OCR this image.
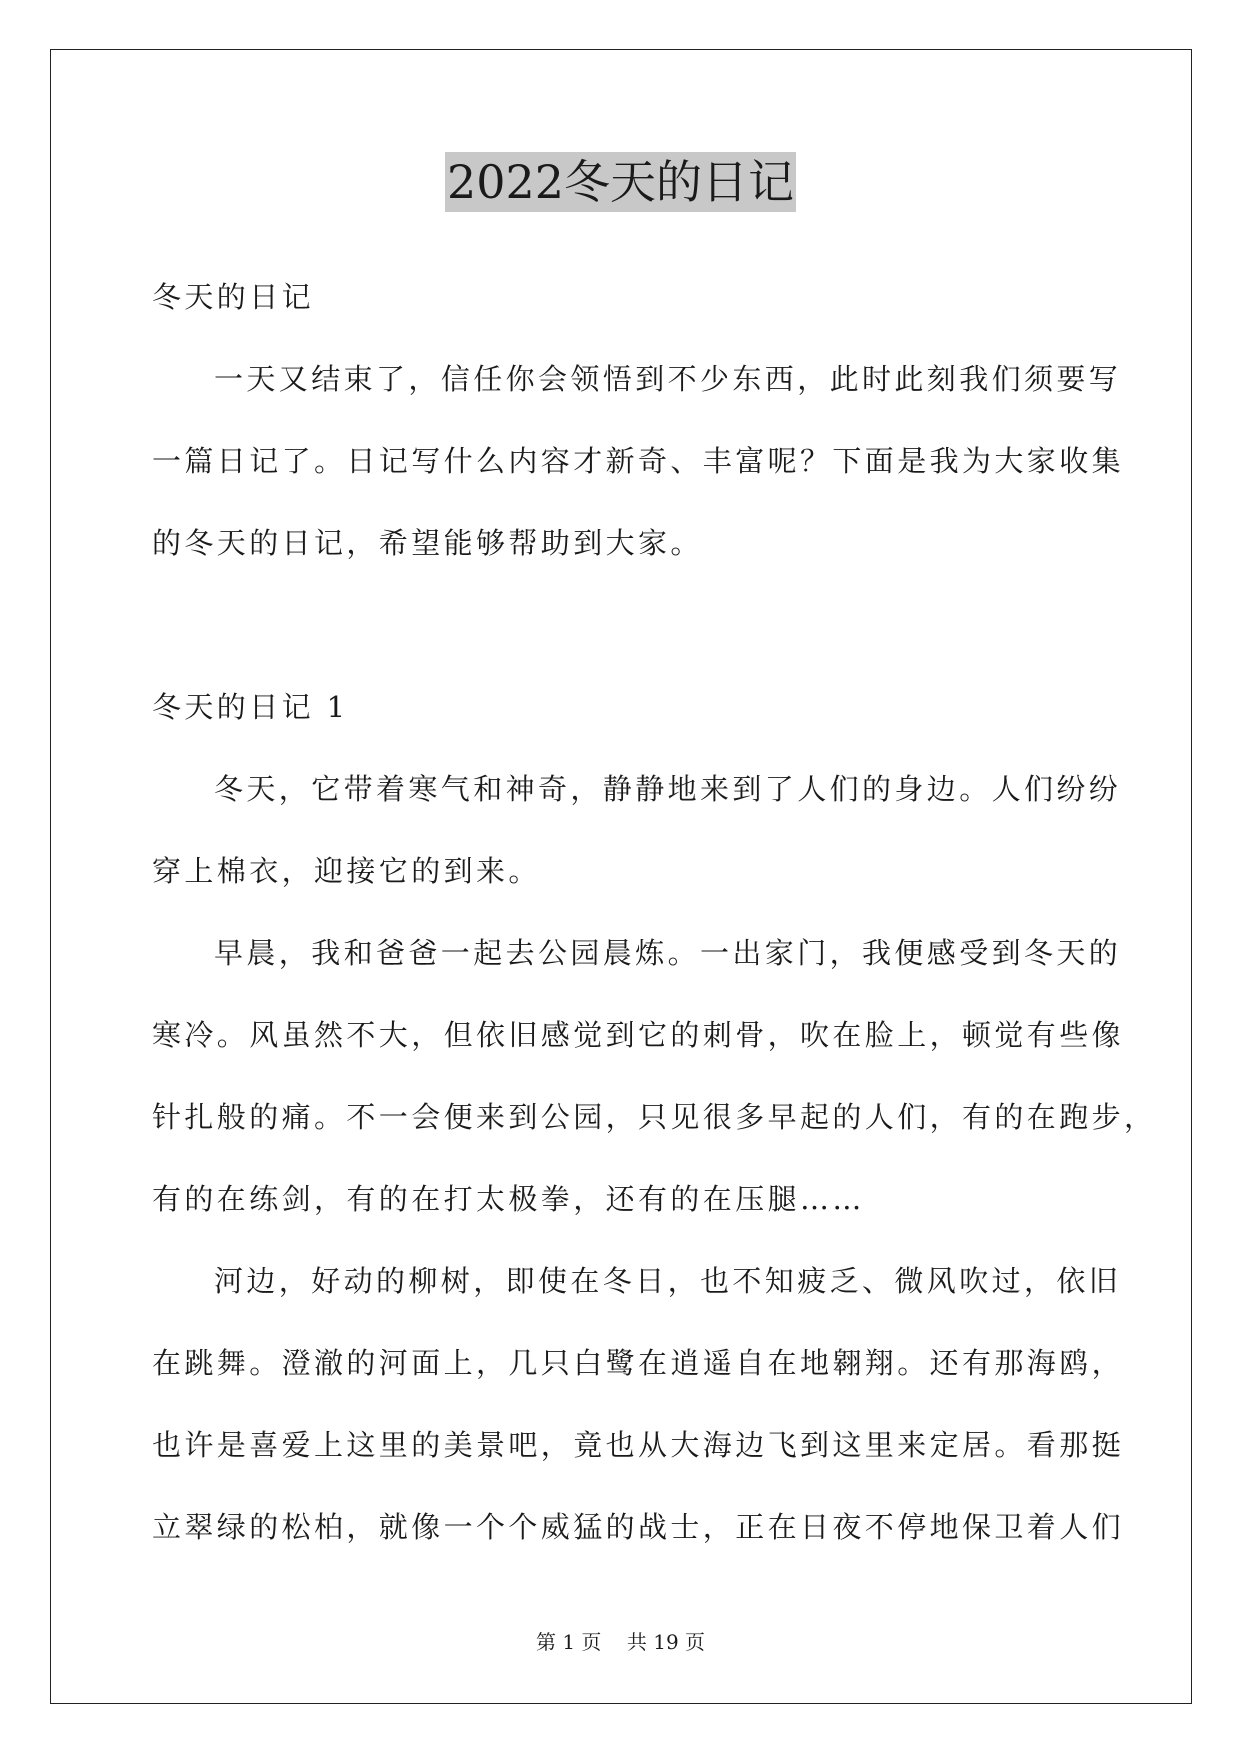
2022冬天的日记
冬天的日记
一天又结束了，信任你会领悟到不少东西，此时此刻我们须要写
一篇日记了。日记写什么内容才新奇、丰富呢？下面是我为大家收集
的冬天的日记，希望能够帮助到大家。
冬天的日记 1
冬天，它带着寒气和神奇，静静地来到了人们的身边。人们纷纷
穿上棉衣，迎接它的到来。
早晨，我和爸爸一起去公园晨炼。一出家门，我便感受到冬天的
寒冷。风虽然不大，但依旧感觉到它的刺骨，吹在脸上，顿觉有些像
针扎般的痛。不一会便来到公园，只见很多早起的人们，有的在跑步，
有的在练剑，有的在打太极拳，还有的在压腿……
河边，好动的柳树，即使在冬日，也不知疲乏、微风吹过，依旧
在跳舞。澄澈的河面上，几只白鹭在逍遥自在地翱翔。还有那海鸥，
也许是喜爱上这里的美景吧，竟也从大海边飞到这里来定居。看那挺
立翠绿的松柏，就像一个个威猛的战士，正在日夜不停地保卫着人们
第 1 页 共 19 页
